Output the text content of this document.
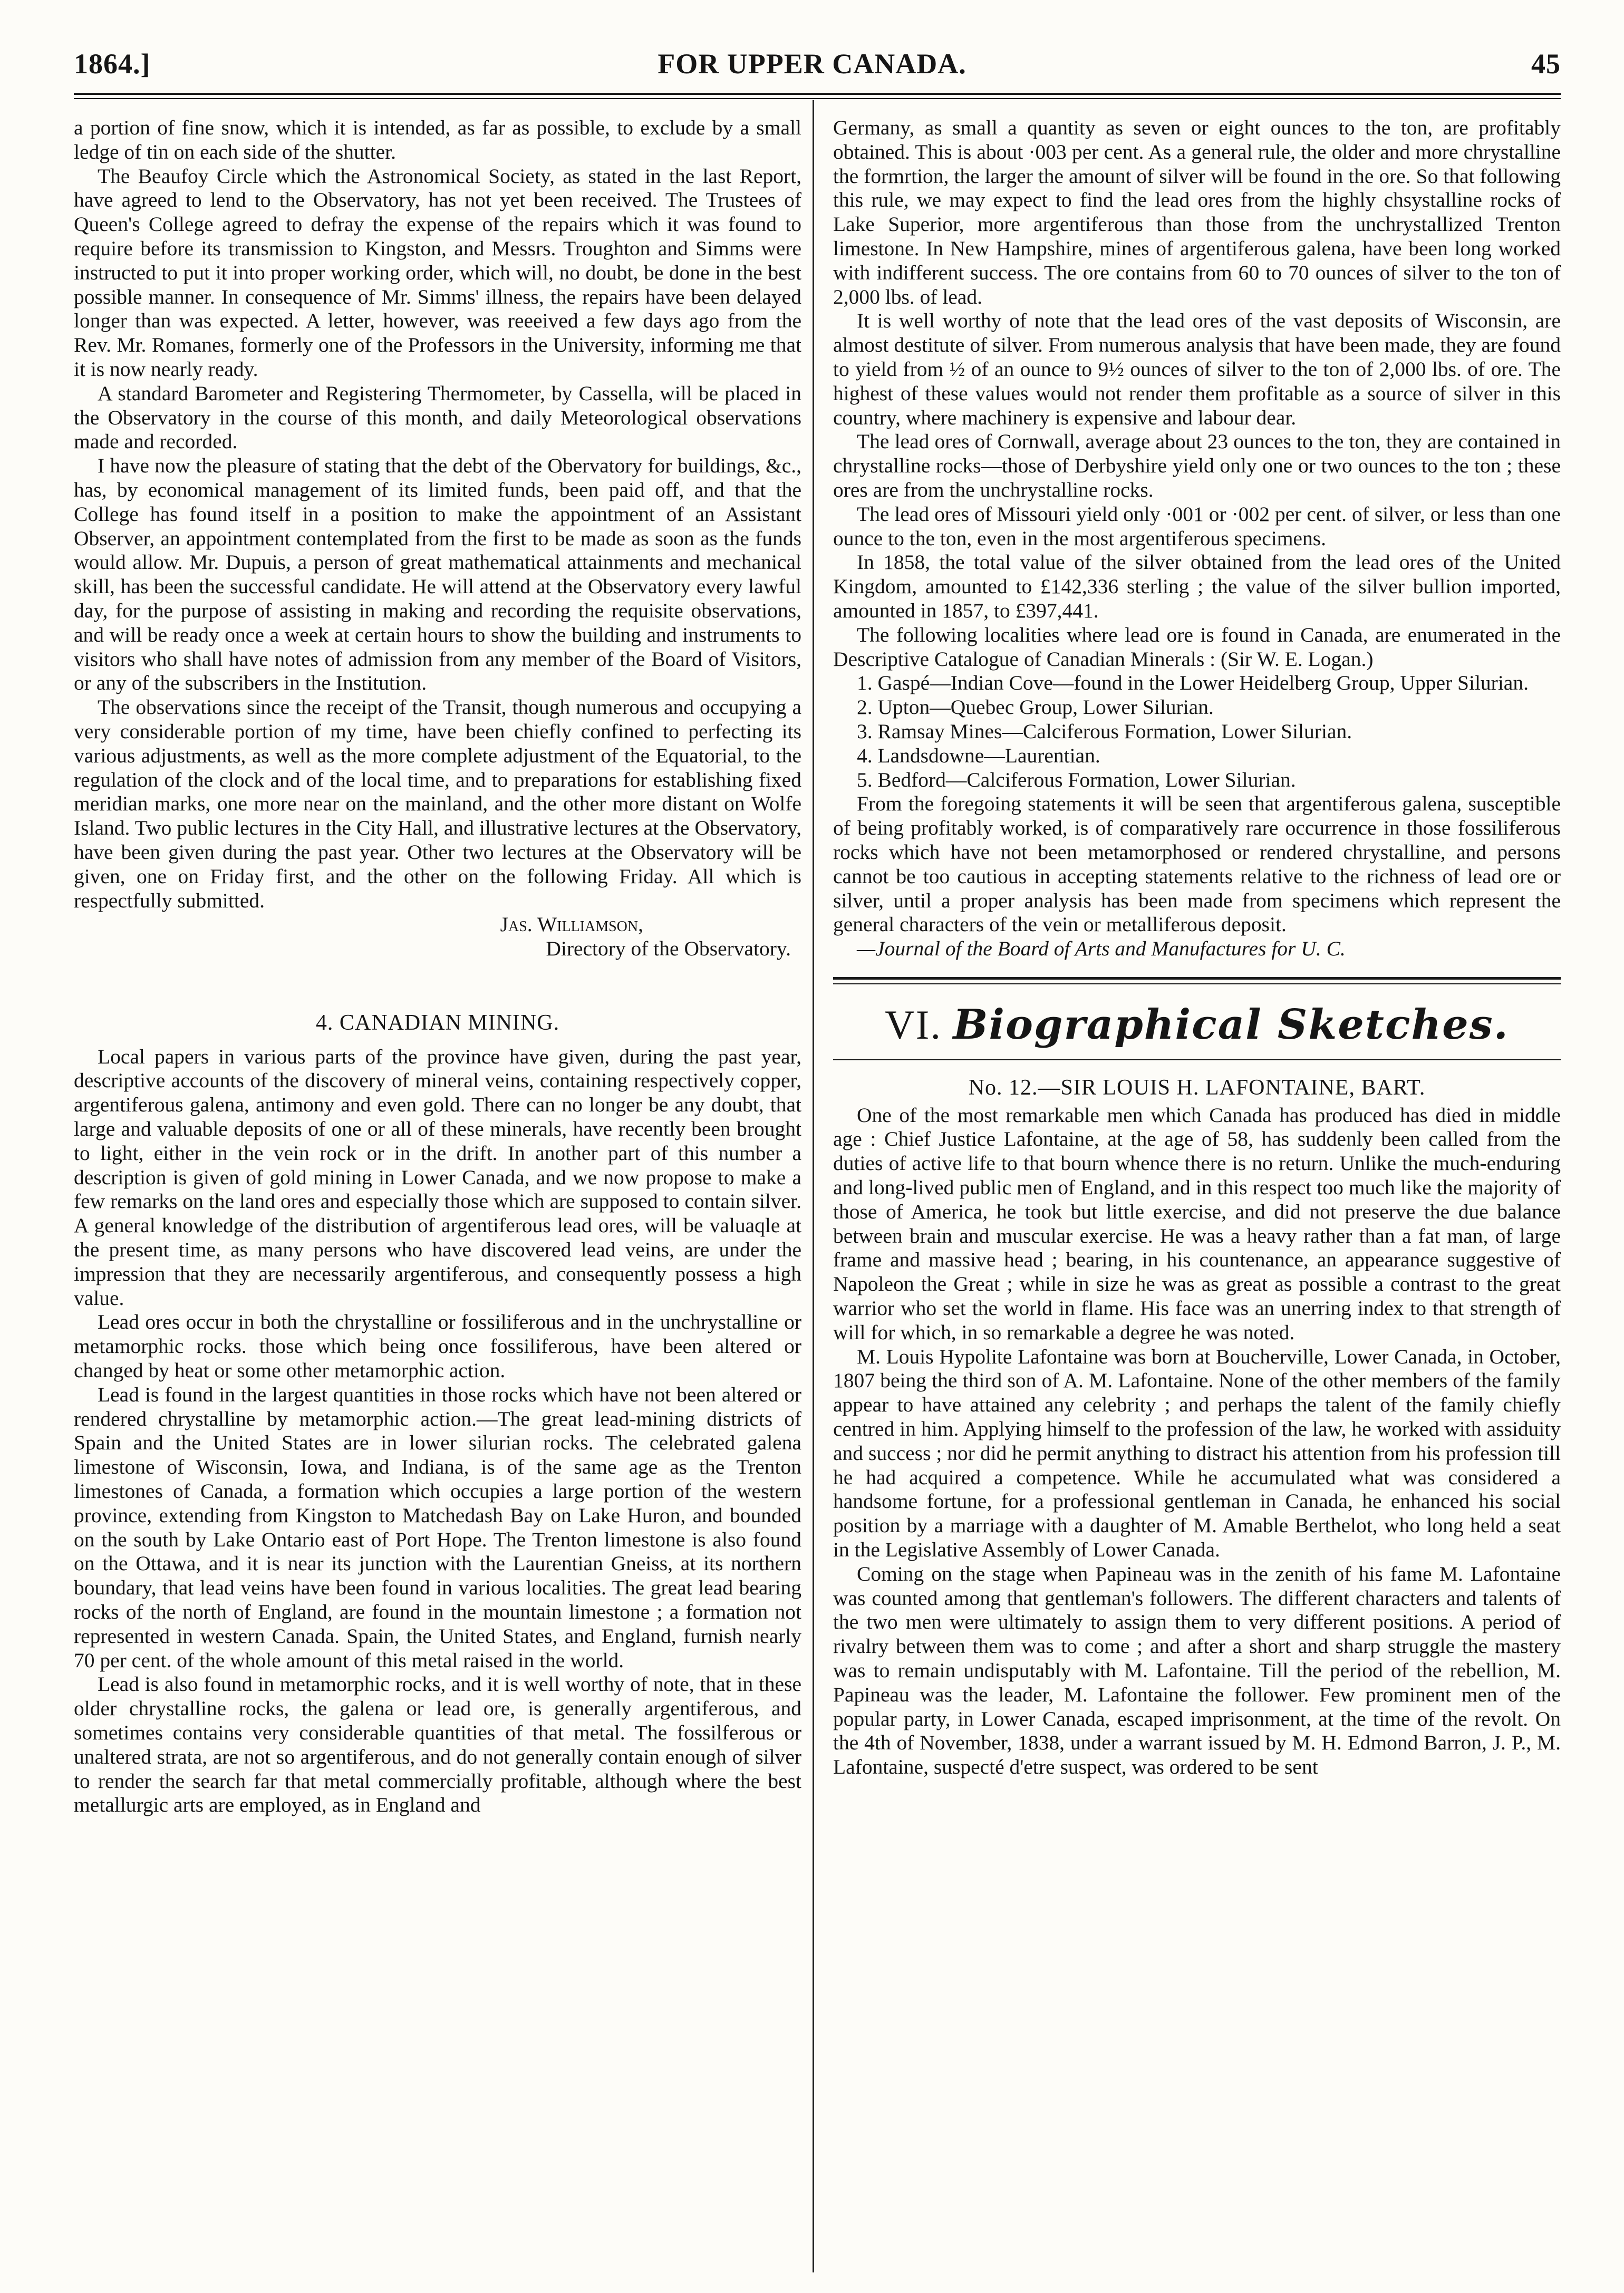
1864.]	FOR UPPER CANADA.	45

a portion of fine snow, which it is intended, as far as possible, to exclude by a small ledge of tin on each side of the shutter.

The Beaufoy Circle which the Astronomical Society, as stated in the last Report, have agreed to lend to the Observatory, has not yet been received. The Trustees of Queen's College agreed to defray the expense of the repairs which it was found to require before its transmission to Kingston, and Messrs. Troughton and Simms were instructed to put it into proper working order, which will, no doubt, be done in the best possible manner. In consequence of Mr. Simms' illness, the repairs have been delayed longer than was expected. A letter, however, was reeeived a few days ago from the Rev. Mr. Romanes, formerly one of the Professors in the University, informing me that it is now nearly ready.

A standard Barometer and Registering Thermometer, by Cassella, will be placed in the Observatory in the course of this month, and daily Meteorological observations made and recorded.

I have now the pleasure of stating that the debt of the Obervatory for buildings, &c., has, by economical management of its limited funds, been paid off, and that the College has found itself in a position to make the appointment of an Assistant Observer, an appointment contemplated from the first to be made as soon as the funds would allow. Mr. Dupuis, a person of great mathematical attainments and mechanical skill, has been the successful candidate. He will attend at the Observatory every lawful day, for the purpose of assisting in making and recording the requisite observations, and will be ready once a week at certain hours to show the building and instruments to visitors who shall have notes of admission from any member of the Board of Visitors, or any of the subscribers in the Institution.

The observations since the receipt of the Transit, though numerous and occupying a very considerable portion of my time, have been chiefly confined to perfecting its various adjustments, as well as the more complete adjustment of the Equatorial, to the regulation of the clock and of the local time, and to preparations for establishing fixed meridian marks, one more near on the mainland, and the other more distant on Wolfe Island. Two public lectures in the City Hall, and illustrative lectures at the Observatory, have been given during the past year. Other two lectures at the Observatory will be given, one on Friday first, and the other on the following Friday. All which is respectfully submitted.

Jas. Williamson,

Directory of the Observatory.

4. CANADIAN MINING.

Local papers in various parts of the province have given, during the past year, descriptive accounts of the discovery of mineral veins, containing respectively copper, argentiferous galena, antimony and even gold. There can no longer be any doubt, that large and valuable deposits of one or all of these minerals, have recently been brought to light, either in the vein rock or in the drift. In another part of this number a description is given of gold mining in Lower Canada, and we now propose to make a few remarks on the land ores and especially those which are supposed to contain silver. A general knowledge of the distribution of argentiferous lead ores, will be valuaqle at the present time, as many persons who have discovered lead veins, are under the impression that they are necessarily argentiferous, and consequently possess a high value.

Lead ores occur in both the chrystalline or fossiliferous and in the unchrystalline or metamorphic rocks. those which being once fossiliferous, have been altered or changed by heat or some other metamorphic action.

Lead is found in the largest quantities in those rocks which have not been altered or rendered chrystalline by metamorphic action.—The great lead-mining districts of Spain and the United States are in lower silurian rocks. The celebrated galena limestone of Wisconsin, Iowa, and Indiana, is of the same age as the Trenton limestones of Canada, a formation which occupies a large portion of the western province, extending from Kingston to Matchedash Bay on Lake Huron, and bounded on the south by Lake Ontario east of Port Hope. The Trenton limestone is also found on the Ottawa, and it is near its junction with the Laurentian Gneiss, at its northern boundary, that lead veins have been found in various localities. The great lead bearing rocks of the north of England, are found in the mountain limestone ; a formation not represented in western Canada. Spain, the United States, and England, furnish nearly 70 per cent. of the whole amount of this metal raised in the world.

Lead is also found in metamorphic rocks, and it is well worthy of note, that in these older chrystalline rocks, the galena or lead ore, is generally argentiferous, and sometimes contains very considerable quantities of that metal. The fossilferous or unaltered strata, are not so argentiferous, and do not generally contain enough of silver to render the search far that metal commercially profitable, although where the best metallurgic arts are employed, as in England and

Germany, as small a quantity as seven or eight ounces to the ton, are profitably obtained. This is about ·003 per cent. As a general rule, the older and more chrystalline the formrtion, the larger the amount of silver will be found in the ore. So that following this rule, we may expect to find the lead ores from the highly chsystalline rocks of Lake Superior, more argentiferous than those from the unchrystallized Trenton limestone. In New Hampshire, mines of argentiferous galena, have been long worked with indifferent success. The ore contains from 60 to 70 ounces of silver to the ton of 2,000 lbs. of lead.

It is well worthy of note that the lead ores of the vast deposits of Wisconsin, are almost destitute of silver. From numerous analysis that have been made, they are found to yield from ½ of an ounce to 9½ ounces of silver to the ton of 2,000 lbs. of ore. The highest of these values would not render them profitable as a source of silver in this country, where machinery is expensive and labour dear.

The lead ores of Cornwall, average about 23 ounces to the ton, they are contained in chrystalline rocks—those of Derbyshire yield only one or two ounces to the ton ; these ores are from the unchrystalline rocks.

The lead ores of Missouri yield only ·001 or ·002 per cent. of silver, or less than one ounce to the ton, even in the most argentiferous specimens.

In 1858, the total value of the silver obtained from the lead ores of the United Kingdom, amounted to £142,336 sterling ; the value of the silver bullion imported, amounted in 1857, to £397,441.

The following localities where lead ore is found in Canada, are enumerated in the Descriptive Catalogue of Canadian Minerals : (Sir W. E. Logan.)

1. Gaspé—Indian Cove—found in the Lower Heidelberg Group, Upper Silurian.

2. Upton—Quebec Group, Lower Silurian.

3. Ramsay Mines—Calciferous Formation, Lower Silurian.

4. Landsdowne—Laurentian.

5. Bedford—Calciferous Formation, Lower Silurian.

From the foregoing statements it will be seen that argentiferous galena, susceptible of being profitably worked, is of comparatively rare occurrence in those fossiliferous rocks which have not been metamorphosed or rendered chrystalline, and persons cannot be too cautious in accepting statements relative to the richness of lead ore or silver, until a proper analysis has been made from specimens which represent the general characters of the vein or metalliferous deposit.

—Journal of the Board of Arts and Manufactures for U. C.

VI. Biographical Sketches.
No. 12.—SIR LOUIS H. LAFONTAINE, BART.

One of the most remarkable men which Canada has produced has died in middle age : Chief Justice Lafontaine, at the age of 58, has suddenly been called from the duties of active life to that bourn whence there is no return. Unlike the much-enduring and long-lived public men of England, and in this respect too much like the majority of those of America, he took but little exercise, and did not preserve the due balance between brain and muscular exercise. He was a heavy rather than a fat man, of large frame and massive head ; bearing, in his countenance, an appearance suggestive of Napoleon the Great ; while in size he was as great as possible a contrast to the great warrior who set the world in flame. His face was an unerring index to that strength of will for which, in so remarkable a degree he was noted.

M. Louis Hypolite Lafontaine was born at Boucherville, Lower Canada, in October, 1807 being the third son of A. M. Lafontaine. None of the other members of the family appear to have attained any celebrity ; and perhaps the talent of the family chiefly centred in him. Applying himself to the profession of the law, he worked with assiduity and success ; nor did he permit anything to distract his attention from his profession till he had acquired a competence. While he accumulated what was considered a handsome fortune, for a professional gentleman in Canada, he enhanced his social position by a marriage with a daughter of M. Amable Berthelot, who long held a seat in the Legislative Assembly of Lower Canada.

Coming on the stage when Papineau was in the zenith of his fame M. Lafontaine was counted among that gentleman's followers. The different characters and talents of the two men were ultimately to assign them to very different positions. A period of rivalry between them was to come ; and after a short and sharp struggle the mastery was to remain undisputably with M. Lafontaine. Till the period of the rebellion, M. Papineau was the leader, M. Lafontaine the follower. Few prominent men of the popular party, in Lower Canada, escaped imprisonment, at the time of the revolt. On the 4th of November, 1838, under a warrant issued by M. H. Edmond Barron, J. P., M. Lafontaine, suspecté d'etre suspect, was ordered to be sent
